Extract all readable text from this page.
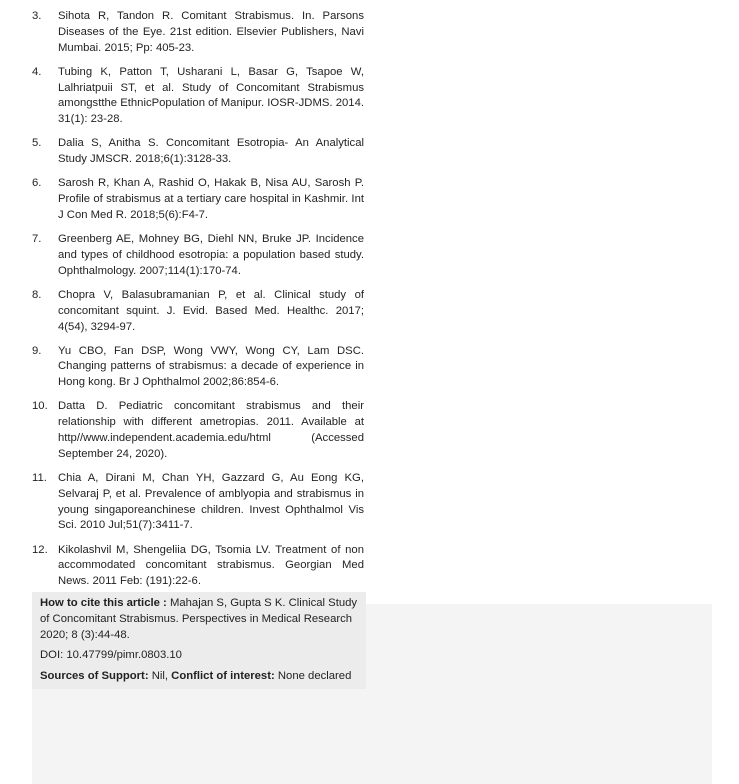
3.	Sihota R, Tandon R. Comitant Strabismus. In. Parsons Diseases of the Eye. 21st edition. Elsevier Publishers, Navi Mumbai. 2015; Pp: 405-23.
4.	Tubing K, Patton T, Usharani L, Basar G, Tsapoe W, Lalhriatpuii ST, et al. Study of Concomitant Strabismus amongstthe EthnicPopulation of Manipur. IOSR-JDMS. 2014. 31(1): 23-28.
5.	Dalia S, Anitha S. Concomitant Esotropia- An Analytical Study JMSCR. 2018;6(1):3128-33.
6.	Sarosh R, Khan A, Rashid O, Hakak B, Nisa AU, Sarosh P. Profile of strabismus at a tertiary care hospital in Kashmir. Int J Con Med R. 2018;5(6):F4-7.
7.	Greenberg AE, Mohney BG, Diehl NN, Bruke JP. Incidence and types of childhood esotropia: a population based study. Ophthalmology. 2007;114(1):170-74.
8.	Chopra V, Balasubramanian P, et al. Clinical study of concomitant squint. J. Evid. Based Med. Healthc. 2017; 4(54), 3294-97.
9.	Yu CBO, Fan DSP, Wong VWY, Wong CY, Lam DSC. Changing patterns of strabismus: a decade of experience in Hong kong. Br J Ophthalmol 2002;86:854-6.
10. Datta D. Pediatric concomitant strabismus and their relationship with different ametropias. 2011. Available at http//www.independent.academia.edu/html (Accessed September 24, 2020).
11. Chia A, Dirani M, Chan YH, Gazzard G, Au Eong KG, Selvaraj P, et al. Prevalence of amblyopia and strabismus in young singaporeanchinese children. Invest Ophthalmol Vis Sci. 2010 Jul;51(7):3411-7.
12. Kikolashvil M, Shengeliia DG, Tsomia LV. Treatment of non accommodated concomitant strabismus. Georgian Med News. 2011 Feb: (191):22-6.

How to cite this article : Mahajan S, Gupta S K. Clinical Study of Concomitant Strabismus. Perspectives in Medical Research 2020; 8 (3):44-48.

DOI: 10.47799/pimr.0803.10

Sources of Support: Nil, Conflict of interest: None declared
